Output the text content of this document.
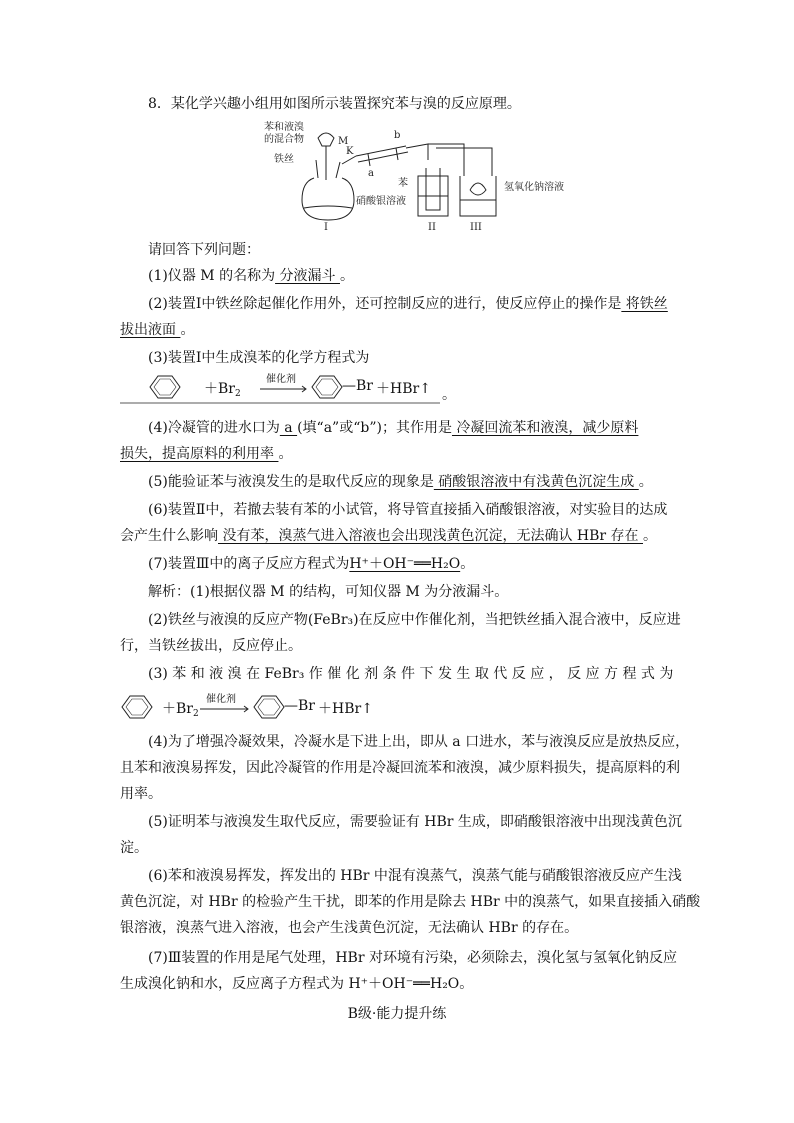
8．某化学兴趣小组用如图所示装置探究苯与溴的反应原理。
苯和液溴
的混合物	M
铁丝
K
b
a
苯
硝酸银溶液
氢氧化钠溶液
I	II	III
请回答下列问题：
(1)仪器 M 的名称为 分液漏斗 。
(2)装置Ⅰ中铁丝除起催化作用外，还可控制反应的进行，使反应停止的操作是 将铁丝
拔出液面 。
(3)装置Ⅰ中生成溴苯的化学方程式为
$+Br_2$
催化剂	—Br ＋HBr↑ 。
(4)冷凝管的进水口为 a (填“a”或“b”)；其作用是 冷凝回流苯和液溴，减少原料
损失，提高原料的利用率 。
(5)能验证苯与液溴发生的是取代反应的现象是 硝酸银溶液中有浅黄色沉淀生成 。
(6)装置Ⅱ中，若撤去装有苯的小试管，将导管直接插入硝酸银溶液，对实验目的达成
会产生什么影响 没有苯，溴蒸气进入溶液也会出现浅黄色沉淀，无法确认 HBr 存在 。
(7)装置Ⅲ中的离子反应方程式为H⁺＋OH⁻══H₂O。
解析：(1)根据仪器 M 的结构，可知仪器 M 为分液漏斗。
(2)铁丝与液溴的反应产物(FeBr₃)在反应中作催化剂，当把铁丝插入混合液中，反应进
行，当铁丝拔出，反应停止。
(3) 苯 和 液 溴 在 FeBr₃ 作 催 化 剂 条 件 下 发 生 取 代 反 应 ， 反 应 方 程 式 为
$+Br_2$
催化剂	—Br ＋HBr↑
(4)为了增强冷凝效果，冷凝水是下进上出，即从 a 口进水，苯与液溴反应是放热反应，
且苯和液溴易挥发，因此冷凝管的作用是冷凝回流苯和液溴，减少原料损失，提高原料的利
用率。
(5)证明苯与液溴发生取代反应，需要验证有 HBr 生成，即硝酸银溶液中出现浅黄色沉
淀。
(6)苯和液溴易挥发，挥发出的 HBr 中混有溴蒸气，溴蒸气能与硝酸银溶液反应产生浅
黄色沉淀，对 HBr 的检验产生干扰，即苯的作用是除去 HBr 中的溴蒸气，如果直接插入硝酸
银溶液，溴蒸气进入溶液，也会产生浅黄色沉淀，无法确认 HBr 的存在。
(7)Ⅲ装置的作用是尾气处理，HBr 对环境有污染，必须除去，溴化氢与氢氧化钠反应
生成溴化钠和水，反应离子方程式为 H⁺＋OH⁻══H₂O。
B级·能力提升练
